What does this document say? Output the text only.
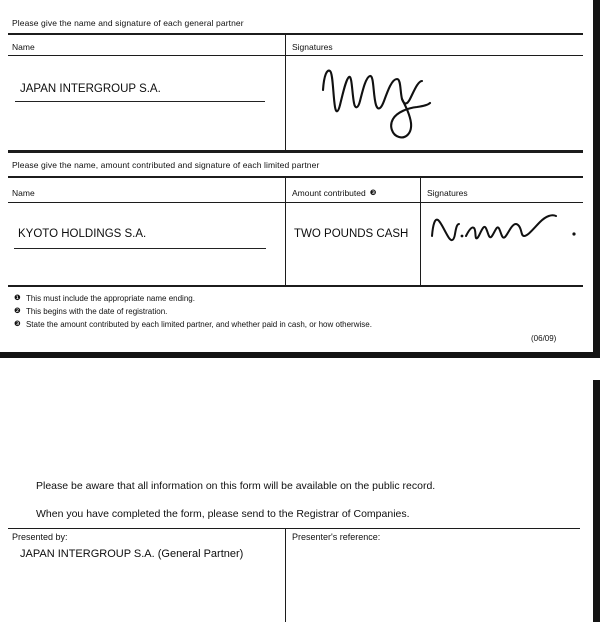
Please give the name and signature of each general partner
Name	Signatures
JAPAN INTERGROUP S.A.
Please give the name, amount contributed and signature of each limited partner
Name	Amount contributed ❸	Signatures
KYOTO HOLDINGS S.A.	TWO POUNDS CASH
❶ This must include the appropriate name ending.
❷ This begins with the date of registration.
❸ State the amount contributed by each limited partner, and whether paid in cash, or how otherwise.
(06/09)
Please be aware that all information on this form will be available on the public record.
When you have completed the form, please send to the Registrar of Companies.
Presented by:	Presenter's reference:
JAPAN INTERGROUP S.A. (General Partner)
